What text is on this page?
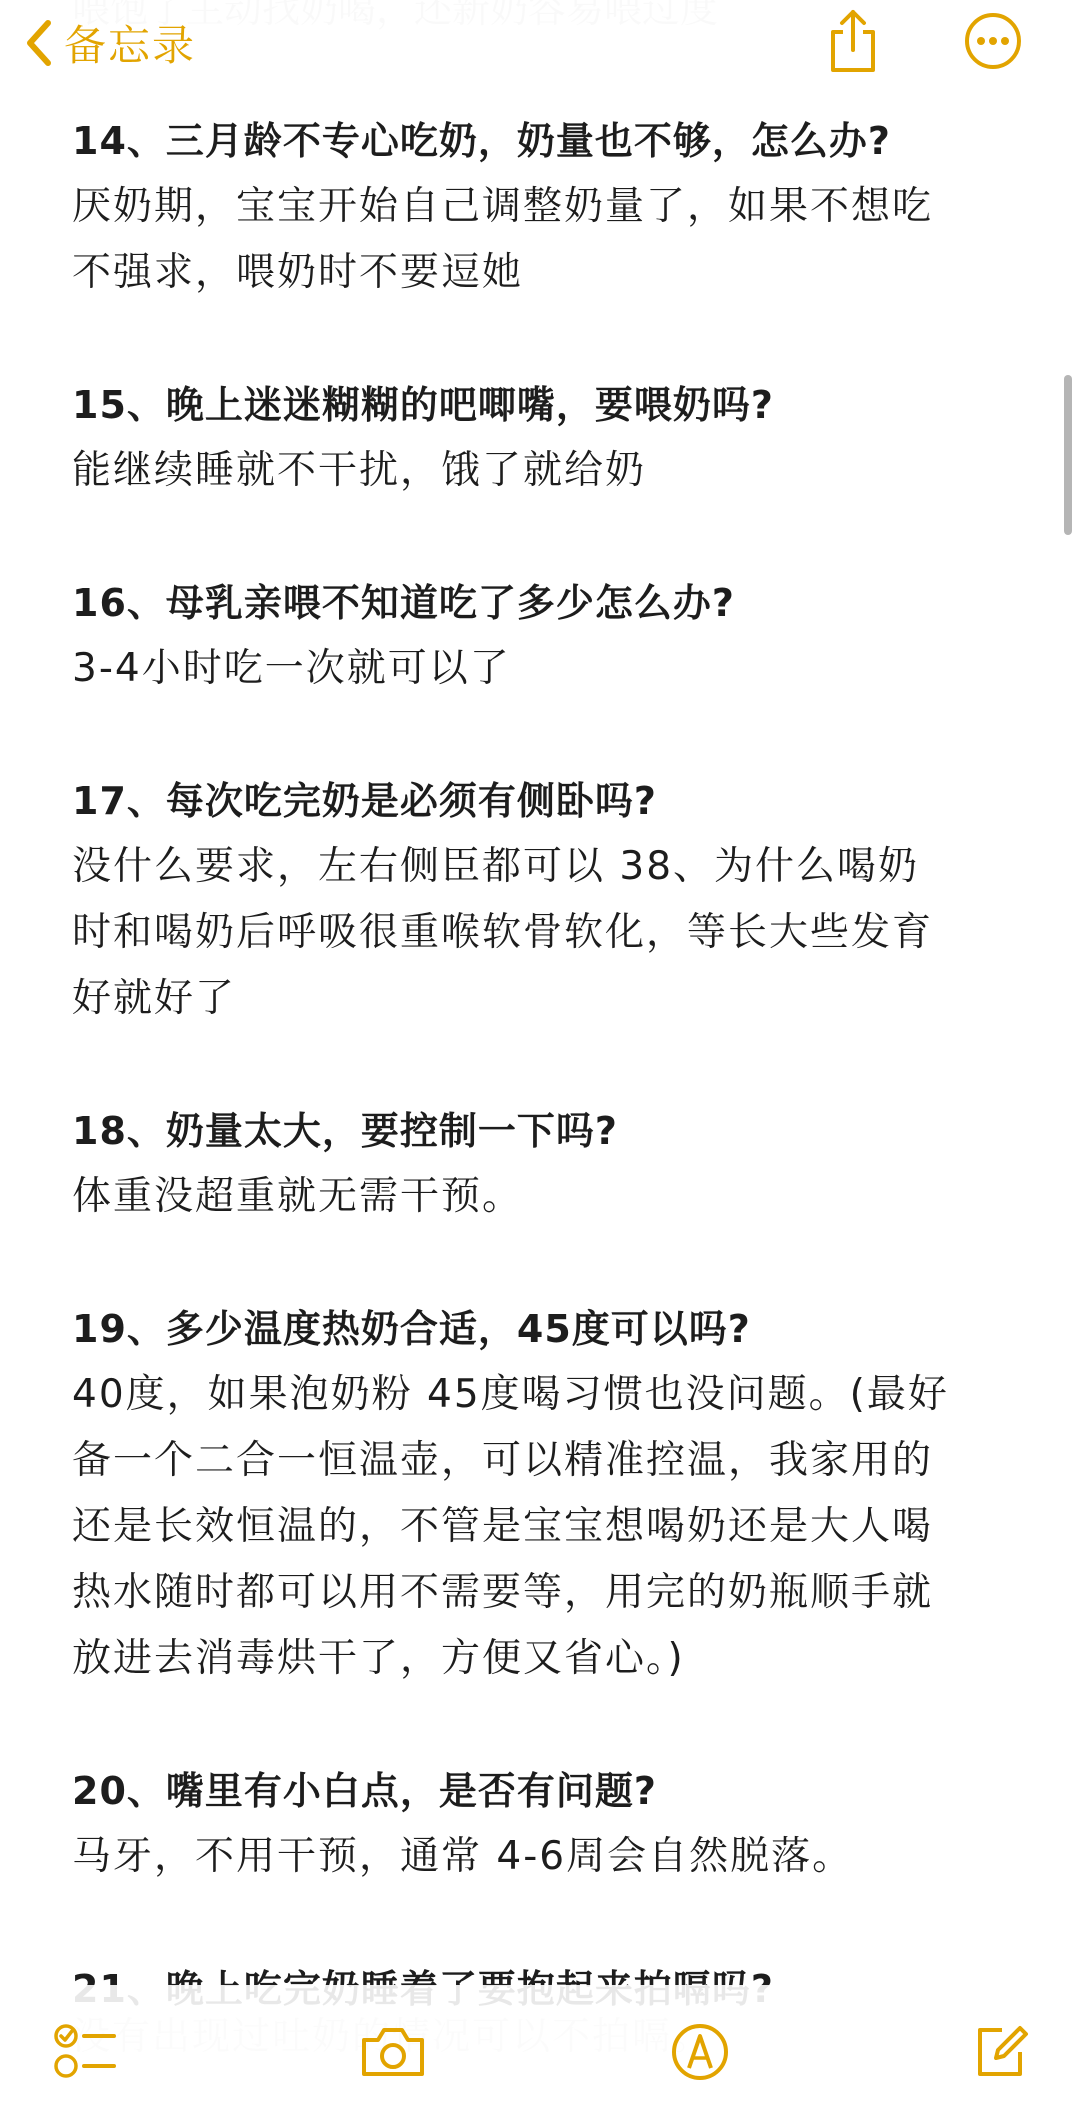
备忘录
14、三月龄不专心吃奶，奶量也不够，怎么办?
厌奶期，宝宝开始自己调整奶量了，如果不想吃
不强求，喂奶时不要逗她
15、晚上迷迷糊糊的吧唧嘴，要喂奶吗?
能继续睡就不干扰，饿了就给奶
16、母乳亲喂不知道吃了多少怎么办?
3-4小时吃一次就可以了
17、每次吃完奶是必须有侧卧吗?
没什么要求，左右侧臣都可以 38、为什么喝奶
时和喝奶后呼吸很重喉软骨软化，等长大些发育
好就好了
18、奶量太大，要控制一下吗?
体重没超重就无需干预。
19、多少温度热奶合适，45度可以吗?
40度，如果泡奶粉 45度喝习惯也没问题。(最好
备一个二合一恒温壶，可以精准控温，我家用的
还是长效恒温的，不管是宝宝想喝奶还是大人喝
热水随时都可以用不需要等，用完的奶瓶顺手就
放进去消毒烘干了，方便又省心。)
20、嘴里有小白点，是否有问题?
马牙，不用干预，通常 4-6周会自然脱落。
